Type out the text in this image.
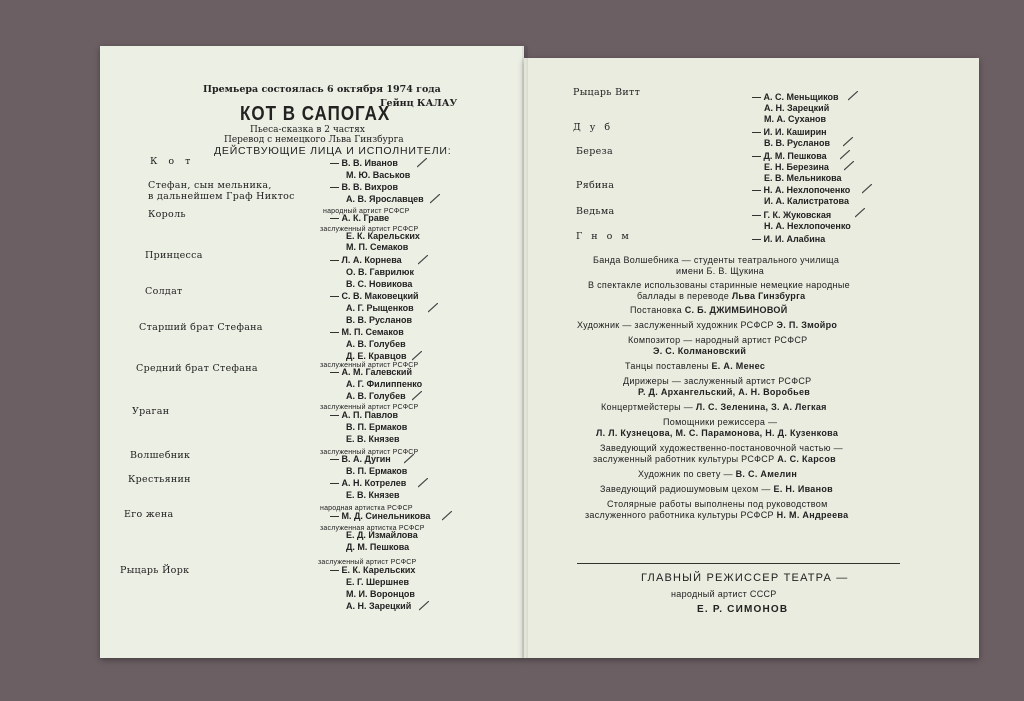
Премьера состоялась 6 октября 1974 года
Гейнц КАЛАУ
КОТ В САПОГАХ
Пьеса-сказка в 2 частях
Перевод с немецкого Льва Гинзбурга
ДЕЙСТВУЮЩИЕ ЛИЦА И ИСПОЛНИТЕЛИ:
К о т
Стефан, сын мельника,
в дальнейшем Граф Никтос
Король
Принцесса
Солдат
Старший брат Стефана
Средний брат Стефана
Ураган
Волшебник
Крестьянин
Его жена
Рыцарь Йорк
— В. В. Иванов
М. Ю. Васьков
— В. В. Вихров
А. В. Ярославцев
народный артист РСФСР
— А. К. Граве
заслуженный артист РСФСР
Е. К. Карельских
М. П. Семаков
— Л. А. Корнева
О. В. Гаврилюк
В. С. Новикова
— С. В. Маковецкий
А. Г. Рыщенков
В. В. Русланов
— М. П. Семаков
А. В. Голубев
Д. Е. Кравцов
заслуженный артист РСФСР
— А. М. Галевский
А. Г. Филиппенко
А. В. Голубев
заслуженный артист РСФСР
— А. П. Павлов
В. П. Ермаков
Е. В. Князев
заслуженный артист РСФСР
— В. А. Дугин
В. П. Ермаков
— А. Н. Котрелев
Е. В. Князев
народная артистка РСФСР
— М. Д. Синельникова
заслуженная артистка РСФСР
Е. Д. Измайлова
Д. М. Пешкова
заслуженный артист РСФСР
— Е. К. Карельских
Е. Г. Шершнев
М. И. Воронцов
А. Н. Зарецкий
Рыцарь Витт
Д у б
Береза
Рябина
Ведьма
Г н о м
— А. С. Меньщиков
А. Н. Зарецкий
М. А. Суханов
— И. И. Каширин
В. В. Русланов
— Д. М. Пешкова
Е. Н. Березина
Е. В. Мельникова
— Н. А. Нехлопоченко
И. А. Калистратова
— Г. К. Жуковская
Н. А. Нехлопоченко
— И. И. Алабина
Банда Волшебника — студенты театрального училища
имени Б. В. Щукина
В спектакле использованы старинные немецкие народные
баллады в переводе Льва Гинзбурга
Постановка С. Б. ДЖИМБИНОВОЙ
Художник — заслуженный художник РСФСР Э. П. Змойро
Композитор — народный артист РСФСР
Э. С. Колмановский
Танцы поставлены Е. А. Менес
Дирижеры — заслуженный артист РСФСР
Р. Д. Архангельский, А. Н. Воробьев
Концертмейстеры — Л. С. Зеленина, З. А. Легкая
Помощники режиссера —
Л. Л. Кузнецова, М. С. Парамонова, Н. Д. Кузенкова
Заведующий художественно-постановочной частью —
заслуженный работник культуры РСФСР А. С. Карсов
Художник по свету — В. С. Амелин
Заведующий радиошумовым цехом — Е. Н. Иванов
Столярные работы выполнены под руководством
заслуженного работника культуры РСФСР Н. М. Андреева
ГЛАВНЫЙ РЕЖИССЕР ТЕАТРА —
народный артист СССР
Е. Р. СИМОНОВ
